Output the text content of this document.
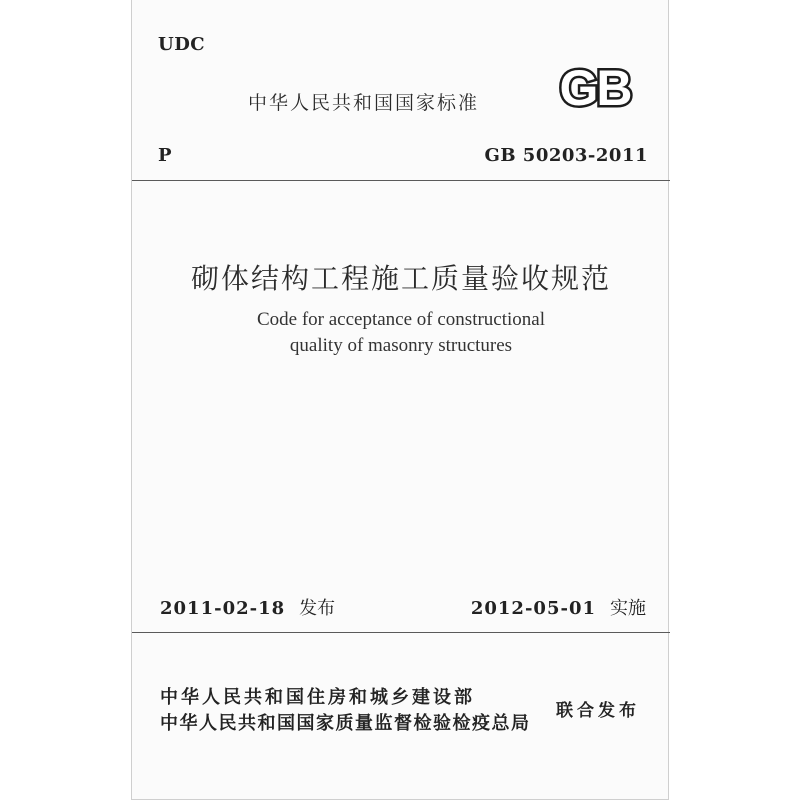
UDC
中华人民共和国国家标准 GB
P	GB 50203-2011
砌体结构工程施工质量验收规范
Code for acceptance of constructional
quality of masonry structures
2011-02-18 发布	2012-05-01 实施
中华人民共和国住房和城乡建设部
中华人民共和国国家质量监督检验检疫总局
联合发布
